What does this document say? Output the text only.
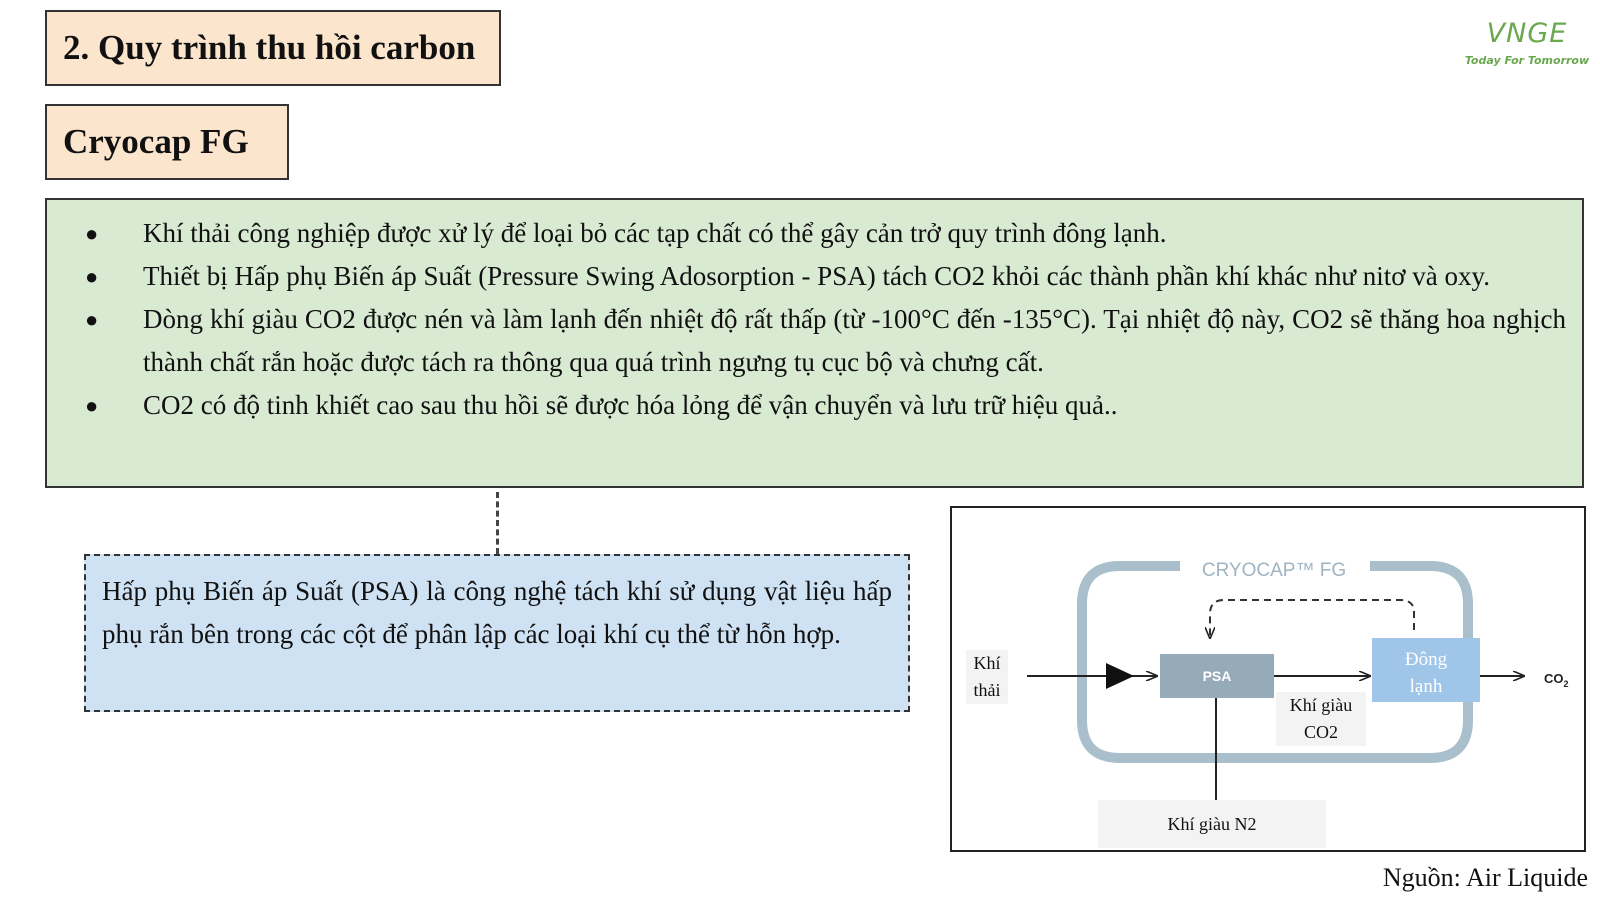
2. Quy trình thu hồi carbon
Cryocap FG
VNGE
Today For Tomorrow
● Khí thải công nghiệp được xử lý để loại bỏ các tạp chất có thể gây cản trở quy trình đông lạnh.
● Thiết bị Hấp phụ Biến áp Suất (Pressure Swing Adosorption - PSA) tách CO2 khỏi các thành phần khí khác như nitơ và oxy.
● Dòng khí giàu CO2 được nén và làm lạnh đến nhiệt độ rất thấp (từ -100°C đến -135°C). Tại nhiệt độ này, CO2 sẽ thăng hoa nghịch thành chất rắn hoặc được tách ra thông qua quá trình ngưng tụ cục bộ và chưng cất.
● CO2 có độ tinh khiết cao sau thu hồi sẽ được hóa lỏng để vận chuyển và lưu trữ hiệu quả..
Hấp phụ Biến áp Suất (PSA) là công nghệ tách khí sử dụng vật liệu hấp phụ rắn bên trong các cột để phân lập các loại khí cụ thể từ hỗn hợp.
CRYOCAP™ FG
PSA
Đông
lạnh	$CO_2$
Khí
thải
Khí giàu
CO2
Khí giàu N2
Nguồn: Air Liquide
